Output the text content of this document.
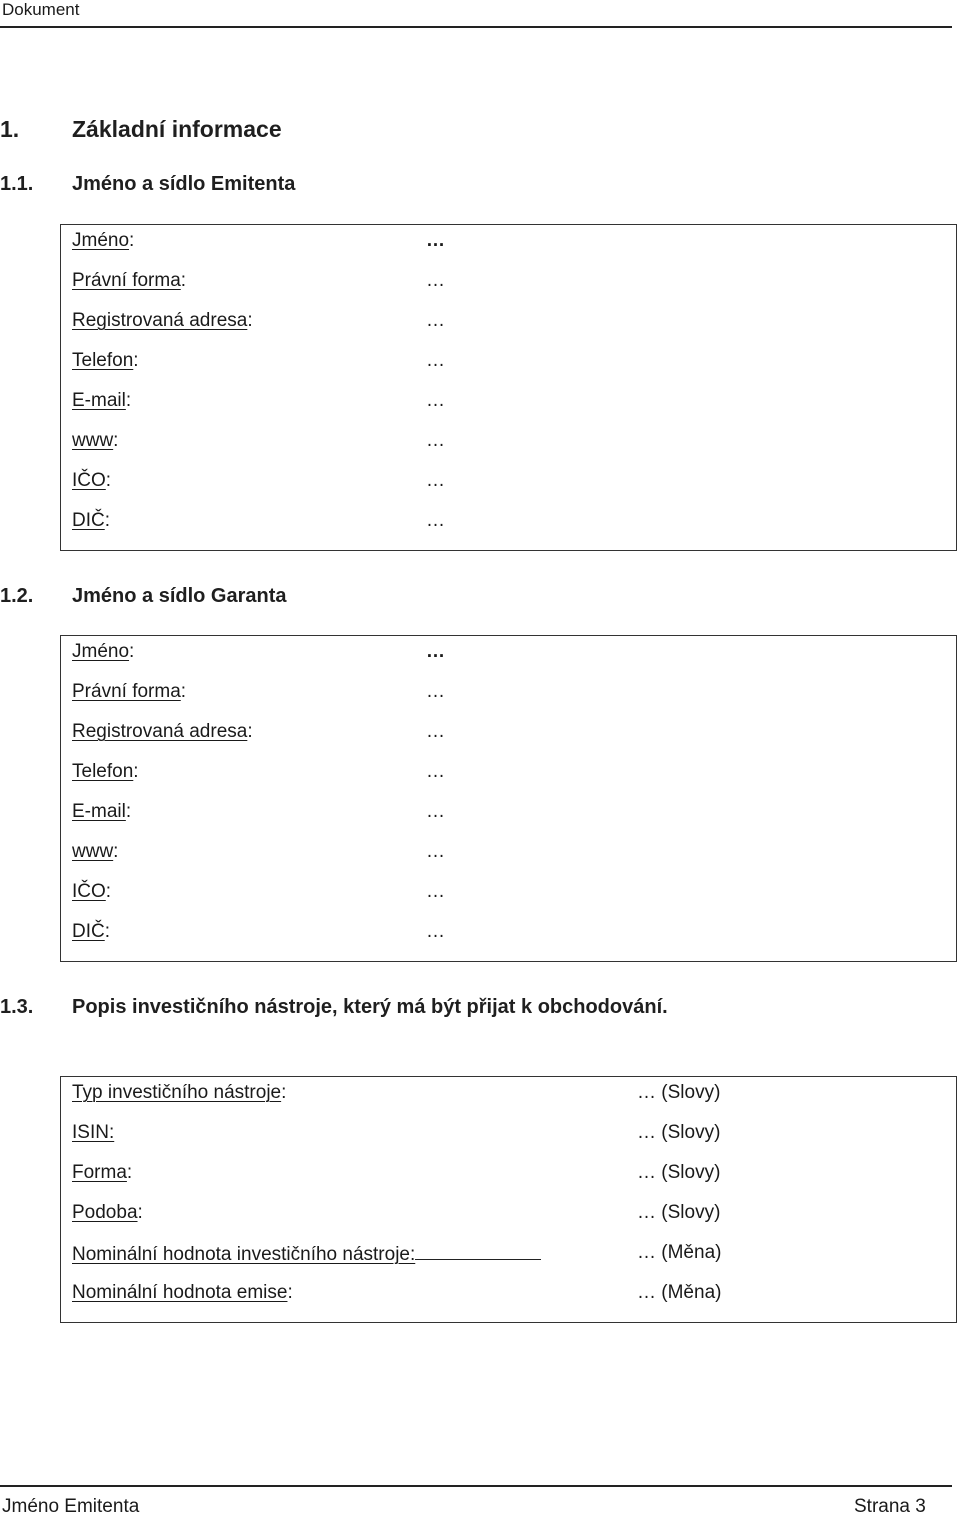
Dokument
1. Základní informace
1.1. Jméno a sídlo Emitenta
Jméno:	…
Právní forma:	…
Registrovaná adresa:	…
Telefon:	…
E-mail:	…
www:	…
IČO:	…
DIČ:	…
1.2. Jméno a sídlo Garanta
Jméno:	…
Právní forma:	…
Registrovaná adresa:	…
Telefon:	…
E-mail:	…
www:	…
IČO:	…
DIČ:	…
1.3. Popis investičního nástroje, který má být přijat k obchodování.
Typ investičního nástroje:	… (Slovy)
ISIN:	… (Slovy)
Forma:	… (Slovy)
Podoba:	… (Slovy)
Nominální hodnota investičního nástroje:	… (Měna)
Nominální hodnota emise:	… (Měna)
Jméno Emitenta	Strana 3
